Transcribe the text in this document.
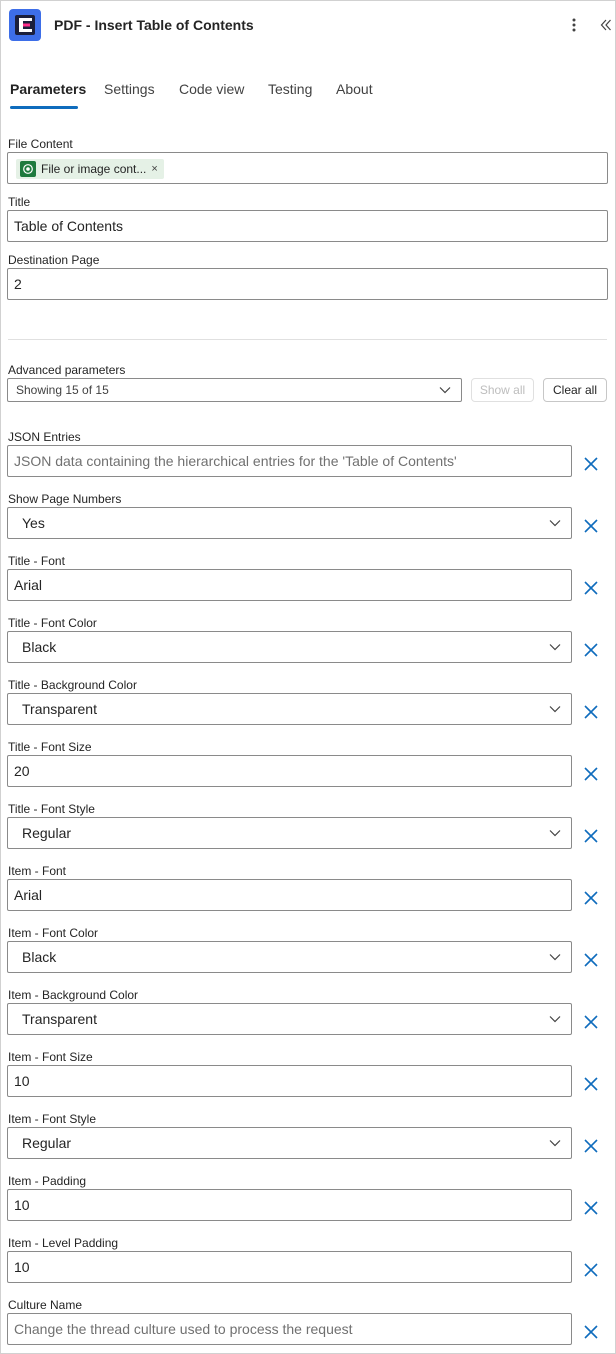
PDF - Insert Table of Contents
Parameters Settings Code view Testing About
File Content
File or image cont... ×
Title
Table of Contents
Destination Page
2
Advanced parameters
Showing 15 of 15	Show all	Clear all
JSON Entries
JSON data containing the hierarchical entries for the 'Table of Contents'
Show Page Numbers
Yes
Title - Font
Arial
Title - Font Color
Black
Title - Background Color
Transparent
Title - Font Size
20
Title - Font Style
Regular
Item - Font
Arial
Item - Font Color
Black
Item - Background Color
Transparent
Item - Font Size
10
Item - Font Style
Regular
Item - Padding
10
Item - Level Padding
10
Culture Name
Change the thread culture used to process the request
